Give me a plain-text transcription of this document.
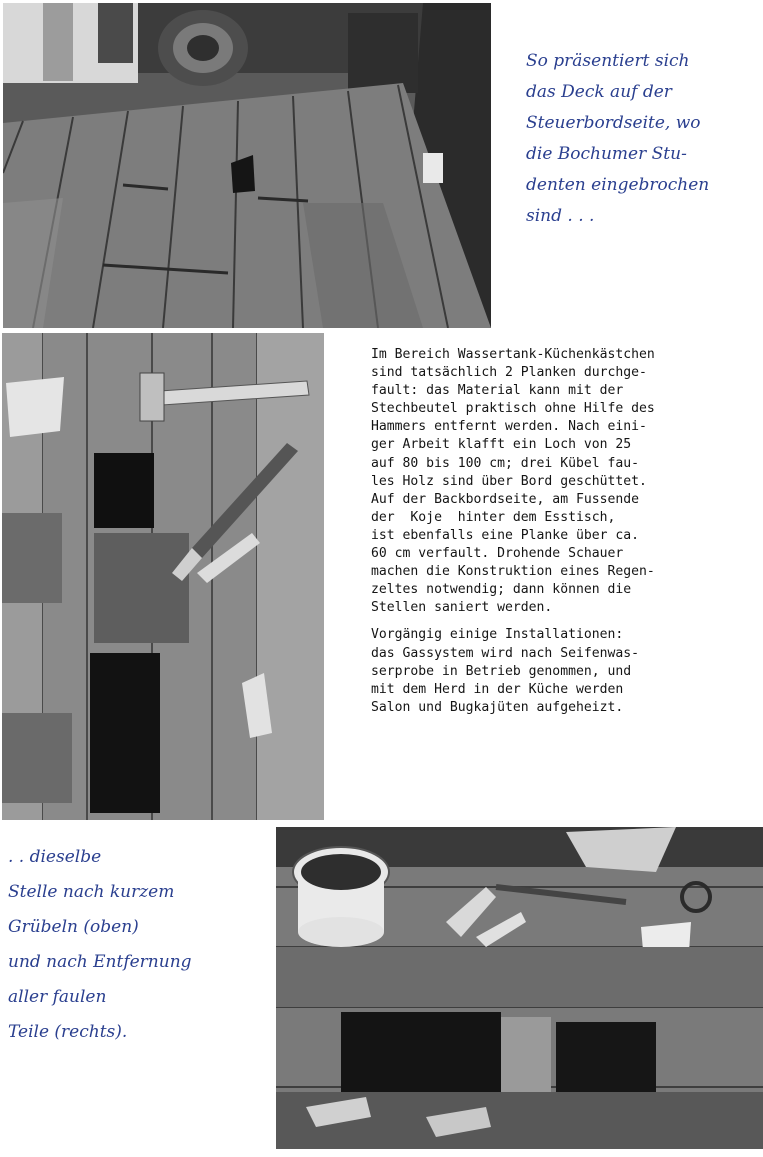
So präsentiert sich
das Deck auf der
Steuerbordseite, wo
die Bochumer Stu-
denten eingebrochen
sind . . .

Im Bereich Wassertank-Küchenkästchen
sind tatsächlich 2 Planken durchge-
fault: das Material kann mit der
Stechbeutel praktisch ohne Hilfe des
Hammers entfernt werden. Nach eini-
ger Arbeit klafft ein Loch von 25
auf 80 bis 100 cm; drei Kübel fau-
les Holz sind über Bord geschüttet.
Auf der Backbordseite, am Fussende
der  Koje  hinter dem Esstisch,
ist ebenfalls eine Planke über ca.
60 cm verfault. Drohende Schauer
machen die Konstruktion eines Regen-
zeltes notwendig; dann können die
Stellen saniert werden.
Vorgängig einige Installationen:
das Gassystem wird nach Seifenwas-
serprobe in Betrieb genommen, und
mit dem Herd in der Küche werden
Salon und Bugkajüten aufgeheizt.

. . dieselbe
Stelle nach kurzem
Grübeln (oben)
und nach Entfernung
aller faulen
Teile (rechts).
